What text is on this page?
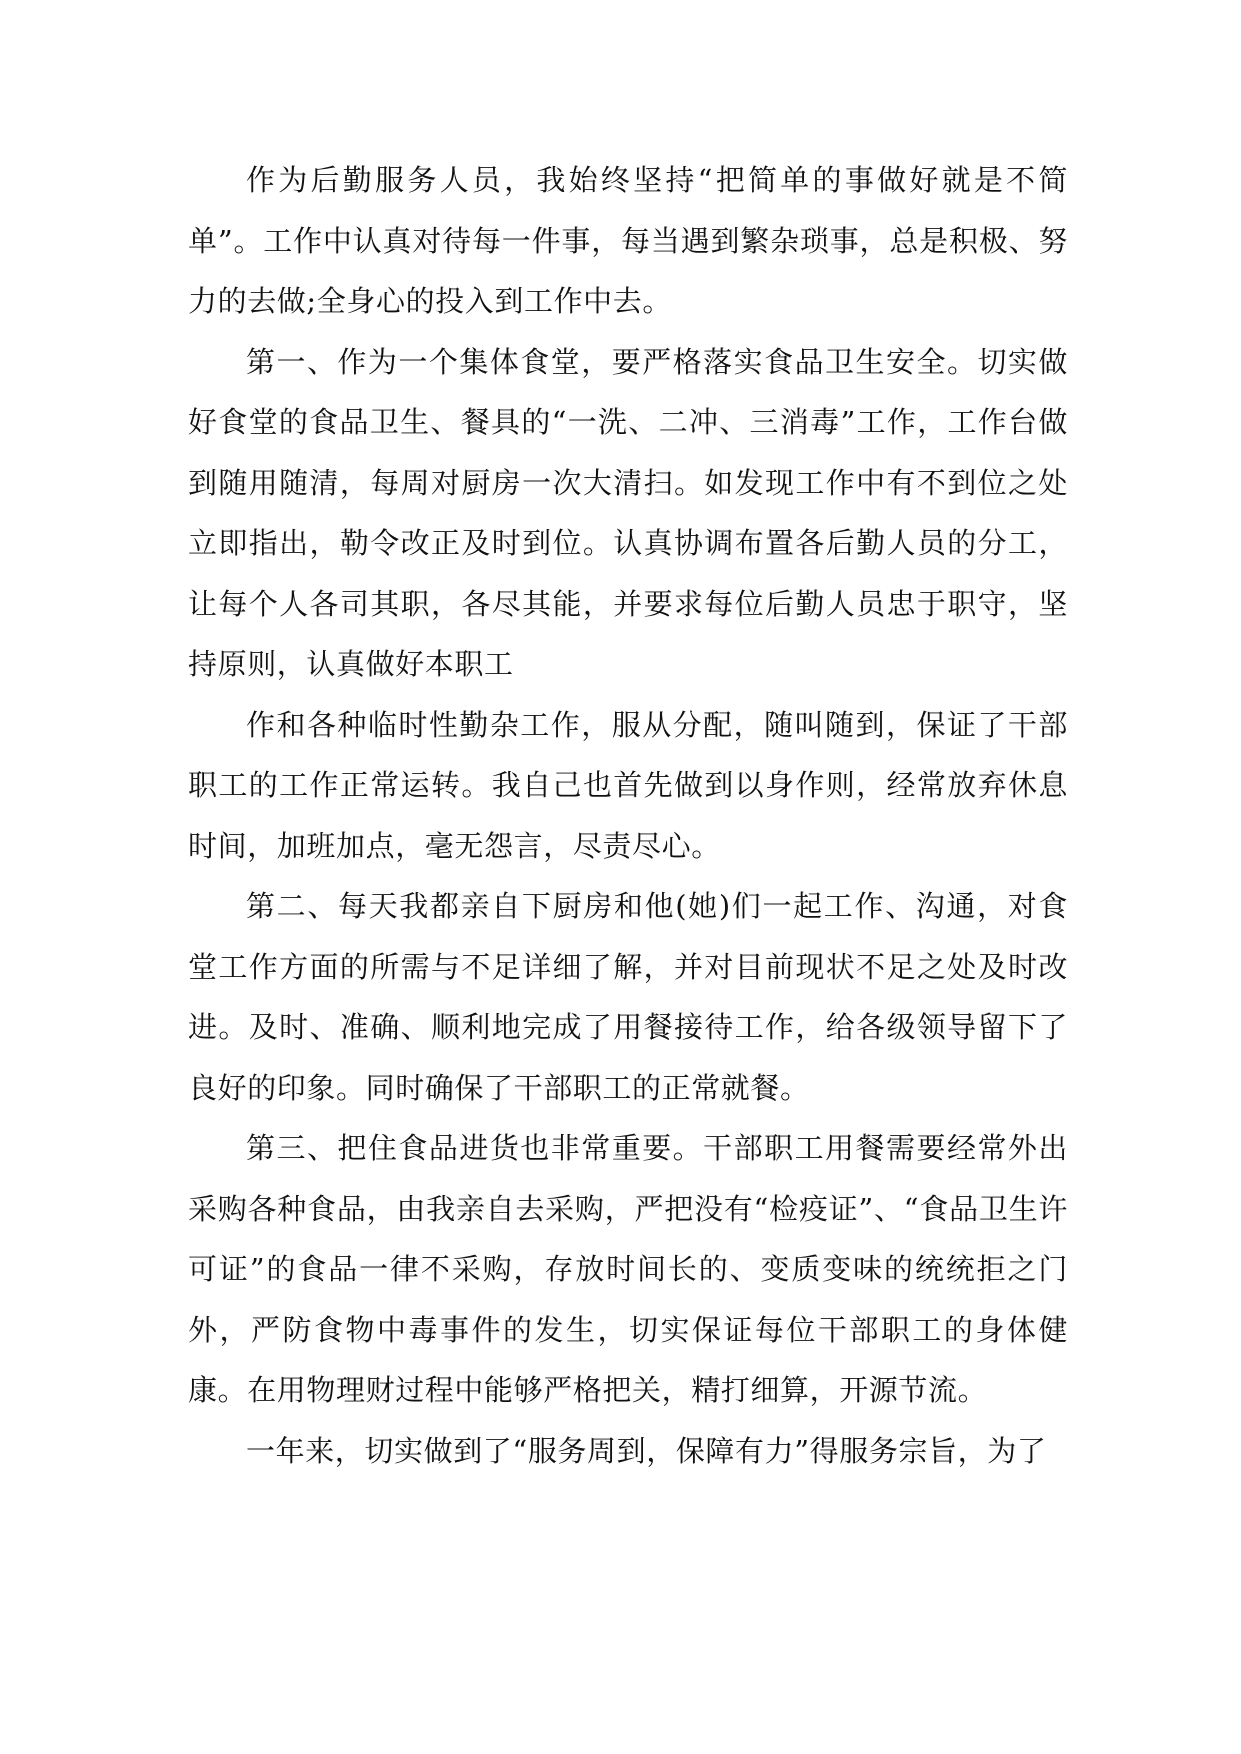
作为后勤服务人员，我始终坚持“把简单的事做好就是不简单”。工作中认真对待每一件事，每当遇到繁杂琐事，总是积极、努力的去做;全身心的投入到工作中去。

第一、作为一个集体食堂，要严格落实食品卫生安全。切实做好食堂的食品卫生、餐具的“一洗、二冲、三消毒”工作，工作台做到随用随清，每周对厨房一次大清扫。如发现工作中有不到位之处立即指出，勒令改正及时到位。认真协调布置各后勤人员的分工，让每个人各司其职，各尽其能，并要求每位后勤人员忠于职守，坚持原则，认真做好本职工

作和各种临时性勤杂工作，服从分配，随叫随到，保证了干部职工的工作正常运转。我自己也首先做到以身作则，经常放弃休息时间，加班加点，毫无怨言，尽责尽心。

第二、每天我都亲自下厨房和他(她)们一起工作、沟通，对食堂工作方面的所需与不足详细了解，并对目前现状不足之处及时改进。及时、准确、顺利地完成了用餐接待工作，给各级领导留下了良好的印象。同时确保了干部职工的正常就餐。

第三、把住食品进货也非常重要。干部职工用餐需要经常外出采购各种食品，由我亲自去采购，严把没有“检疫证”、“食品卫生许可证”的食品一律不采购，存放时间长的、变质变味的统统拒之门外，严防食物中毒事件的发生，切实保证每位干部职工的身体健康。在用物理财过程中能够严格把关，精打细算，开源节流。

一年来，切实做到了“服务周到，保障有力”得服务宗旨，为了
